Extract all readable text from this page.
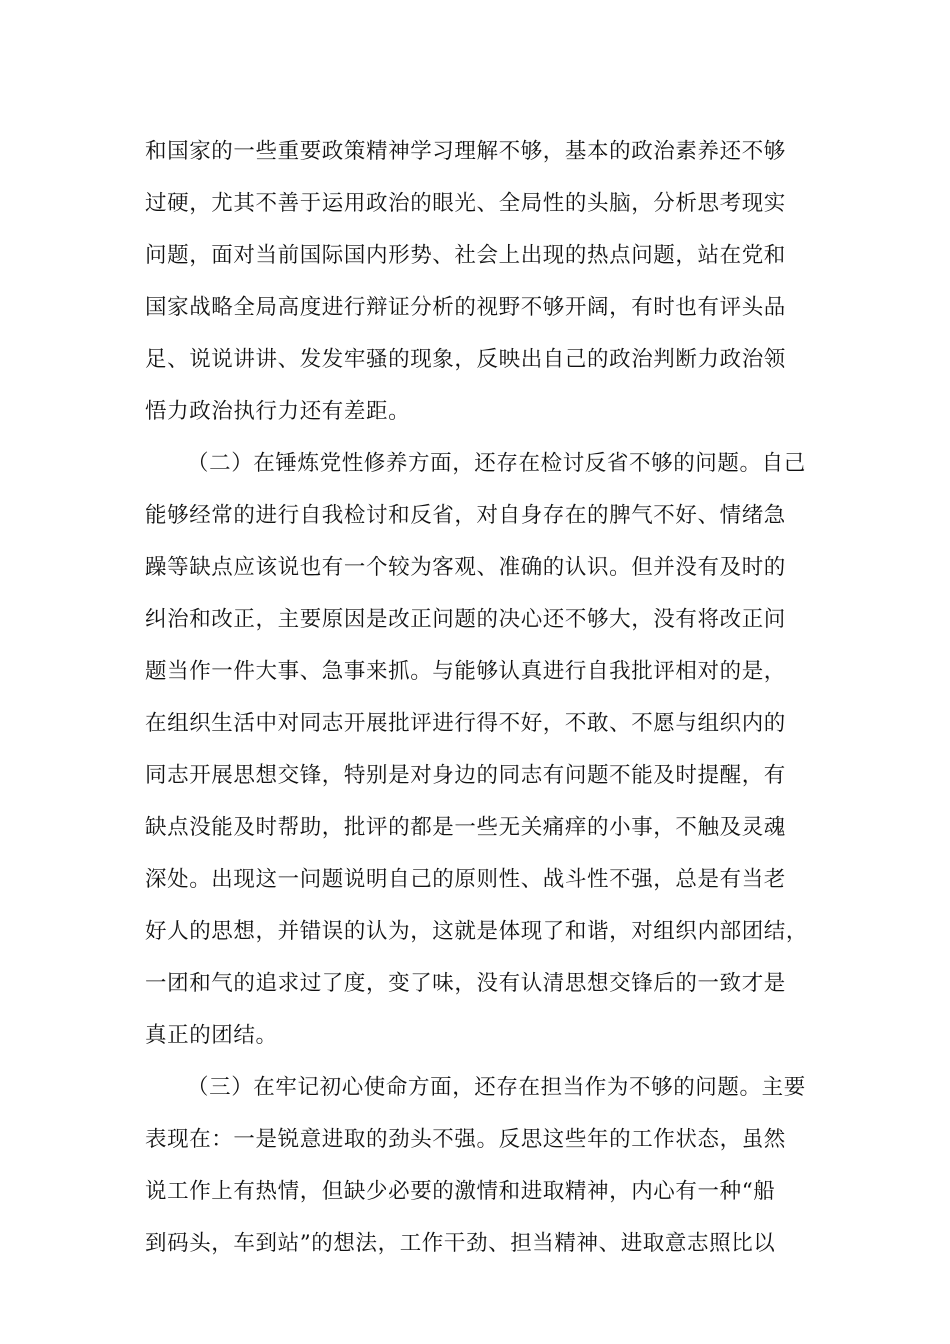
和国家的一些重要政策精神学习理解不够，基本的政治素养还不够
过硬，尤其不善于运用政治的眼光、全局性的头脑，分析思考现实
问题，面对当前国际国内形势、社会上出现的热点问题，站在党和
国家战略全局高度进行辩证分析的视野不够开阔，有时也有评头品
足、说说讲讲、发发牢骚的现象，反映出自己的政治判断力政治领
悟力政治执行力还有差距。
（二）在锤炼党性修养方面，还存在检讨反省不够的问题。自己
能够经常的进行自我检讨和反省，对自身存在的脾气不好、情绪急
躁等缺点应该说也有一个较为客观、准确的认识。但并没有及时的
纠治和改正，主要原因是改正问题的决心还不够大，没有将改正问
题当作一件大事、急事来抓。与能够认真进行自我批评相对的是，
在组织生活中对同志开展批评进行得不好，不敢、不愿与组织内的
同志开展思想交锋，特别是对身边的同志有问题不能及时提醒，有
缺点没能及时帮助，批评的都是一些无关痛痒的小事，不触及灵魂
深处。出现这一问题说明自己的原则性、战斗性不强，总是有当老
好人的思想，并错误的认为，这就是体现了和谐，对组织内部团结，
一团和气的追求过了度，变了味，没有认清思想交锋后的一致才是
真正的团结。
（三）在牢记初心使命方面，还存在担当作为不够的问题。主要
表现在：一是锐意进取的劲头不强。反思这些年的工作状态，虽然
说工作上有热情，但缺少必要的激情和进取精神，内心有一种“船
到码头，车到站”的想法，工作干劲、担当精神、进取意志照比以
